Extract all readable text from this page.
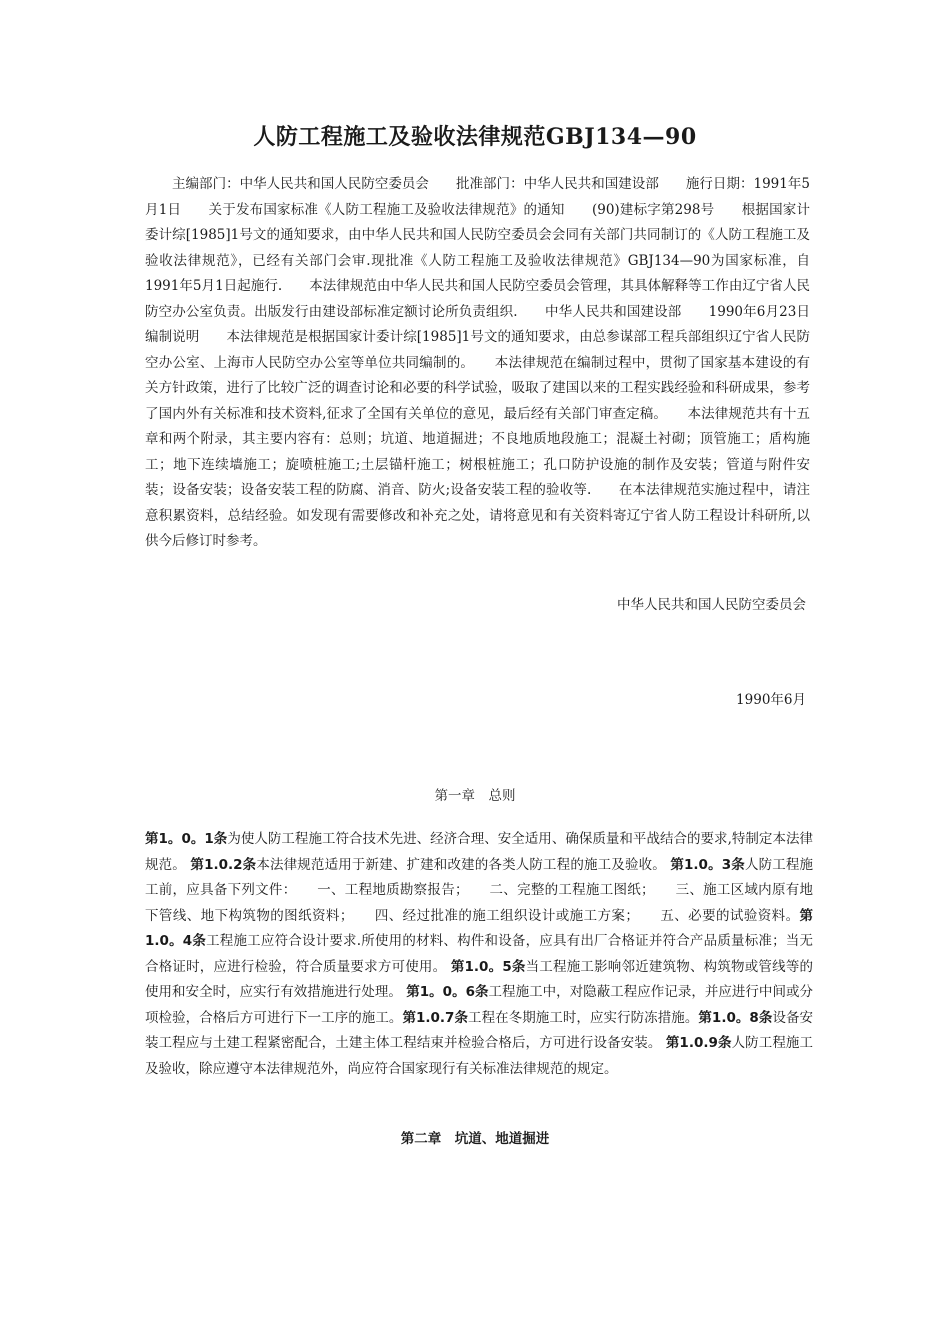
人防工程施工及验收法律规范GBJ134—90

主编部门：中华人民共和国人民防空委员会　　批准部门：中华人民共和国建设部　　施行日期：1991年5月1日　　关于发布国家标准《人防工程施工及验收法律规范》的通知　　(90)建标字第298号　　根据国家计委计综[1985]1号文的通知要求，由中华人民共和国人民防空委员会会同有关部门共同制订的《人防工程施工及验收法律规范》，已经有关部门会审.现批准《人防工程施工及验收法律规范》GBJ134—90为国家标准，自1991年5月1日起施行.　　本法律规范由中华人民共和国人民防空委员会管理，其具体解释等工作由辽宁省人民防空办公室负责。出版发行由建设部标准定额讨论所负责组织.　　中华人民共和国建设部　　1990年6月23日　　编制说明　　本法律规范是根据国家计委计综[1985]1号文的通知要求，由总参谋部工程兵部组织辽宁省人民防空办公室、上海市人民防空办公室等单位共同编制的。　　本法律规范在编制过程中，贯彻了国家基本建设的有关方针政策，进行了比较广泛的调查讨论和必要的科学试验，吸取了建国以来的工程实践经验和科研成果，参考了国内外有关标准和技术资料,征求了全国有关单位的意见，最后经有关部门审查定稿。　　本法律规范共有十五章和两个附录，其主要内容有：总则；坑道、地道掘进；不良地质地段施工；混凝土衬砌；顶管施工；盾构施工；地下连续墙施工；旋喷桩施工;土层锚杆施工；树根桩施工；孔口防护设施的制作及安装；管道与附件安装；设备安装；设备安装工程的防腐、消音、防火;设备安装工程的验收等.　　在本法律规范实施过程中，请注意积累资料，总结经验。如发现有需要修改和补充之处，请将意见和有关资料寄辽宁省人防工程设计科研所,以供今后修订时参考。

中华人民共和国人民防空委员会
1990年6月
第一章　总则

第1。0。1条为使人防工程施工符合技术先进、经济合理、安全适用、确保质量和平战结合的要求,特制定本法律规范。 第1.0.2条本法律规范适用于新建、扩建和改建的各类人防工程的施工及验收。 第1.0。3条人防工程施工前，应具备下列文件：　　一、工程地质勘察报告；　　二、完整的工程施工图纸；　　三、施工区域内原有地下管线、地下构筑物的图纸资料；　　四、经过批准的施工组织设计或施工方案；　　五、必要的试验资料。第1.0。4条工程施工应符合设计要求.所使用的材料、构件和设备，应具有出厂合格证并符合产品质量标准；当无合格证时，应进行检验，符合质量要求方可使用。 第1.0。5条当工程施工影响邻近建筑物、构筑物或管线等的使用和安全时，应实行有效措施进行处理。 第1。0。6条工程施工中，对隐蔽工程应作记录，并应进行中间或分项检验，合格后方可进行下一工序的施工。第1.0.7条工程在冬期施工时，应实行防冻措施。第1.0。8条设备安装工程应与土建工程紧密配合，土建主体工程结束并检验合格后，方可进行设备安装。 第1.0.9条人防工程施工及验收，除应遵守本法律规范外，尚应符合国家现行有关标准法律规范的规定。

第二章　坑道、地道掘进
